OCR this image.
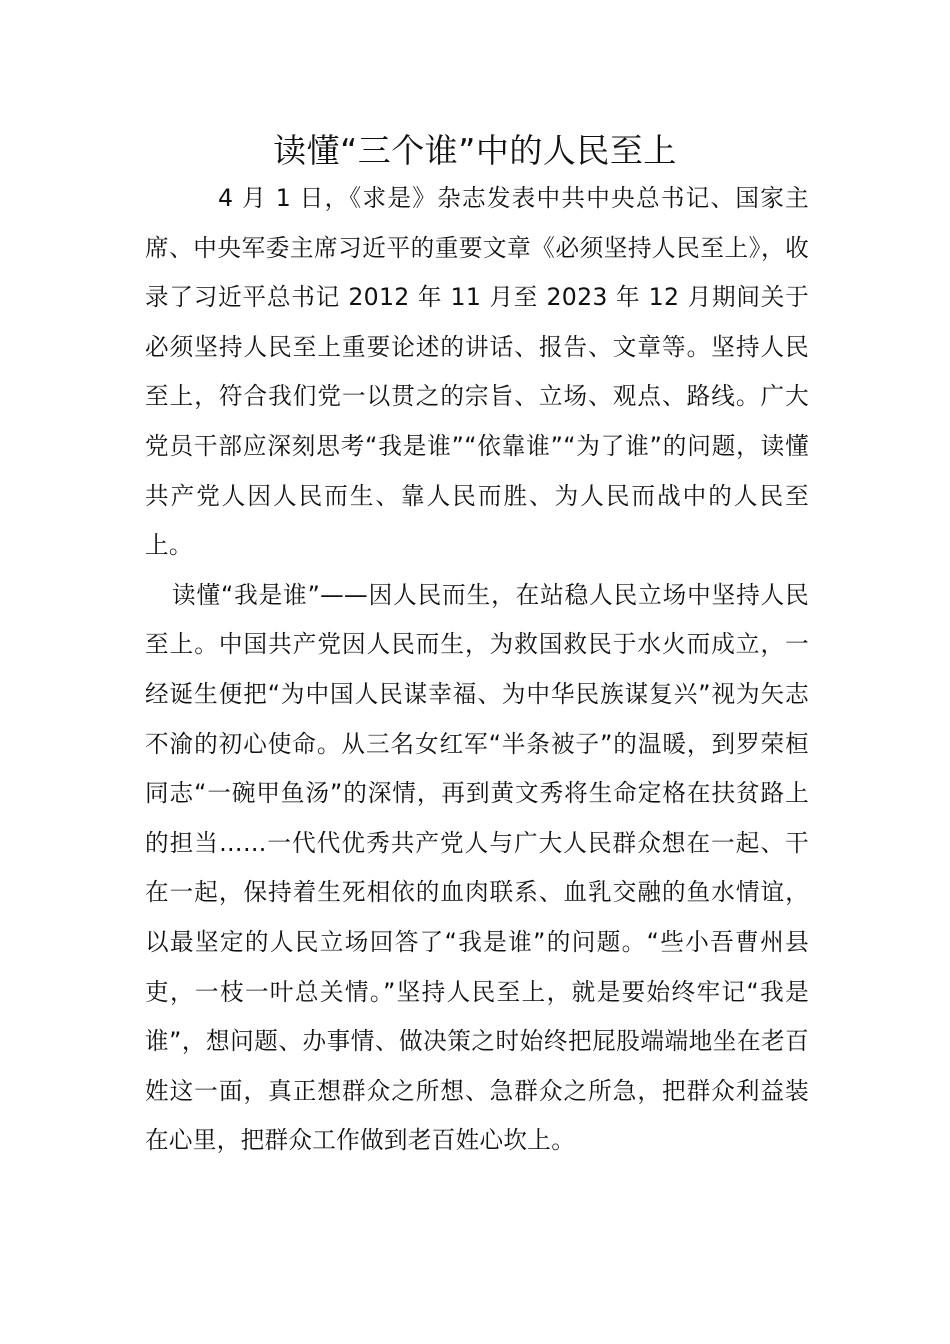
读懂“三个谁”中的人民至上

4 月 1 日，《求是》杂志发表中共中央总书记、国家主席、中央军委主席习近平的重要文章《必须坚持人民至上》，收录了习近平总书记 2012 年 11 月至 2023 年 12 月期间关于必须坚持人民至上重要论述的讲话、报告、文章等。坚持人民至上，符合我们党一以贯之的宗旨、立场、观点、路线。广大党员干部应深刻思考“我是谁”“依靠谁”“为了谁”的问题，读懂共产党人因人民而生、靠人民而胜、为人民而战中的人民至上。

读懂“我是谁”——因人民而生，在站稳人民立场中坚持人民至上。中国共产党因人民而生，为救国救民于水火而成立，一经诞生便把“为中国人民谋幸福、为中华民族谋复兴”视为矢志不渝的初心使命。从三名女红军“半条被子”的温暖，到罗荣桓同志“一碗甲鱼汤”的深情，再到黄文秀将生命定格在扶贫路上的担当……一代代优秀共产党人与广大人民群众想在一起、干在一起，保持着生死相依的血肉联系、血乳交融的鱼水情谊，以最坚定的人民立场回答了“我是谁”的问题。“些小吾曹州县吏，一枝一叶总关情。”坚持人民至上，就是要始终牢记“我是谁”，想问题、办事情、做决策之时始终把屁股端端地坐在老百姓这一面，真正想群众之所想、急群众之所急，把群众利益装在心里，把群众工作做到老百姓心坎上。
